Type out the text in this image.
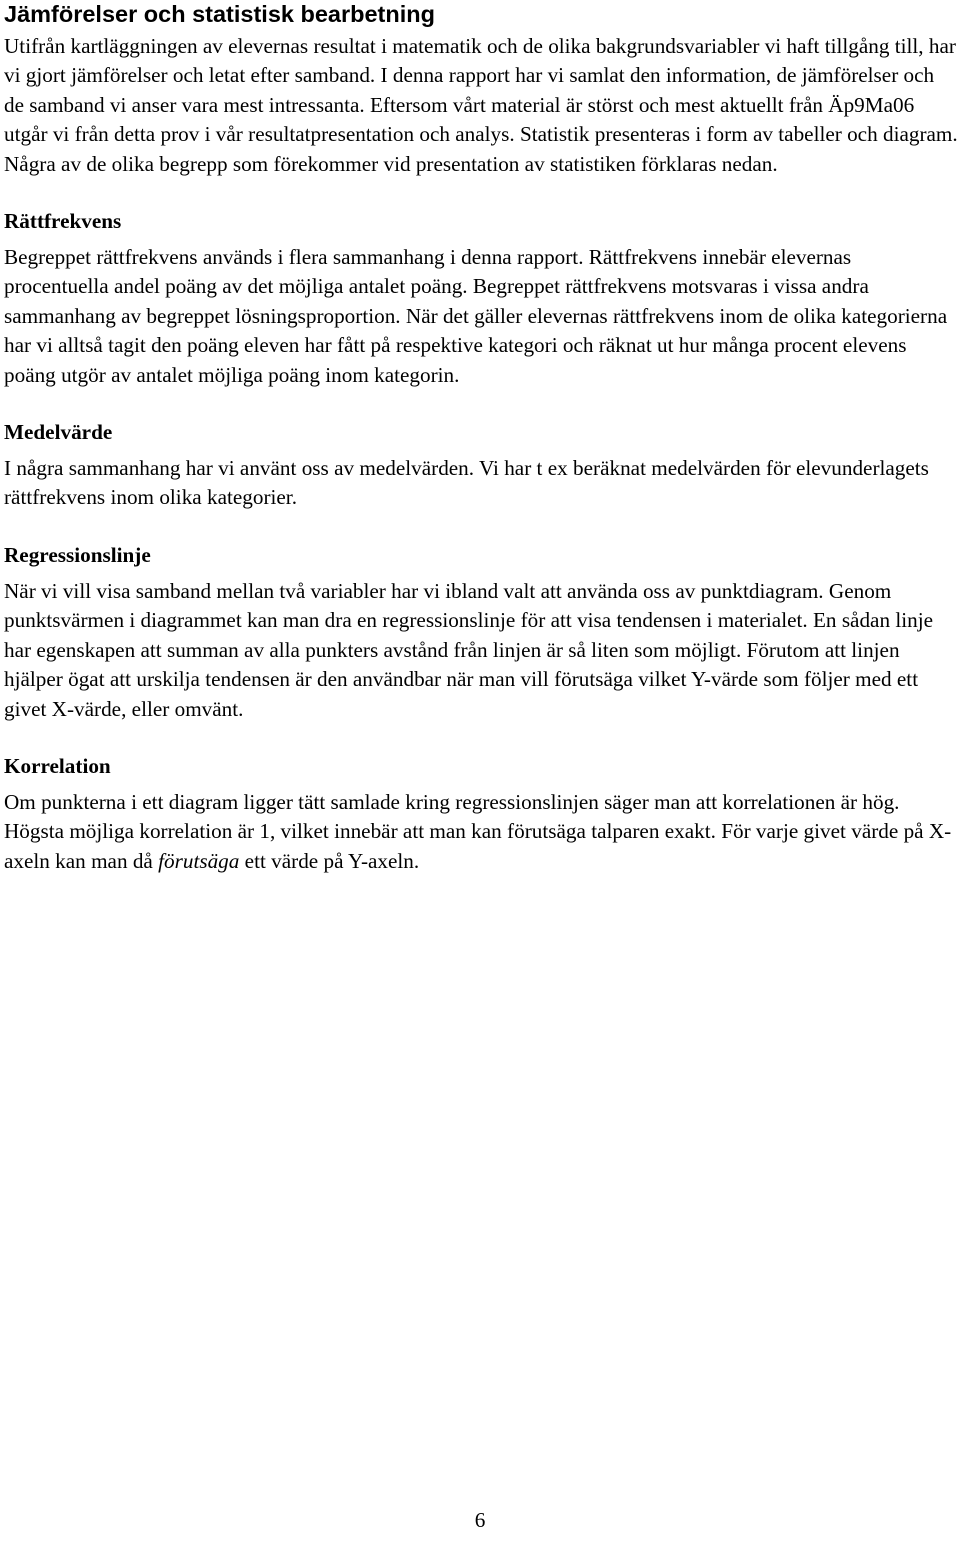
Jämförelser och statistisk bearbetning

Utifrån kartläggningen av elevernas resultat i matematik och de olika bakgrundsvariabler vi haft tillgång till, har vi gjort jämförelser och letat efter samband. I denna rapport har vi samlat den information, de jämförelser och de samband vi anser vara mest intressanta. Eftersom vårt material är störst och mest aktuellt från Äp9Ma06 utgår vi från detta prov i vår resultatpresentation och analys. Statistik presenteras i form av tabeller och diagram. Några av de olika begrepp som förekommer vid presentation av statistiken förklaras nedan.

Rättfrekvens

Begreppet rättfrekvens används i flera sammanhang i denna rapport. Rättfrekvens innebär elevernas procentuella andel poäng av det möjliga antalet poäng. Begreppet rättfrekvens motsvaras i vissa andra sammanhang av begreppet lösningsproportion. När det gäller elevernas rättfrekvens inom de olika kategorierna har vi alltså tagit den poäng eleven har fått på respektive kategori och räknat ut hur många procent elevens poäng utgör av antalet möjliga poäng inom kategorin.

Medelvärde

I några sammanhang har vi använt oss av medelvärden. Vi har t ex beräknat medelvärden för elevunderlagets rättfrekvens inom olika kategorier.

Regressionslinje

När vi vill visa samband mellan två variabler har vi ibland valt att använda oss av punktdiagram. Genom punktsvärmen i diagrammet kan man dra en regressionslinje för att visa tendensen i materialet. En sådan linje har egenskapen att summan av alla punkters avstånd från linjen är så liten som möjligt. Förutom att linjen hjälper ögat att urskilja tendensen är den användbar när man vill förutsäga vilket Y-värde som följer med ett givet X-värde, eller omvänt.

Korrelation

Om punkterna i ett diagram ligger tätt samlade kring regressionslinjen säger man att korrelationen är hög. Högsta möjliga korrelation är 1, vilket innebär att man kan förutsäga talparen exakt. För varje givet värde på X- axeln kan man då förutsäga ett värde på Y-axeln.

6
